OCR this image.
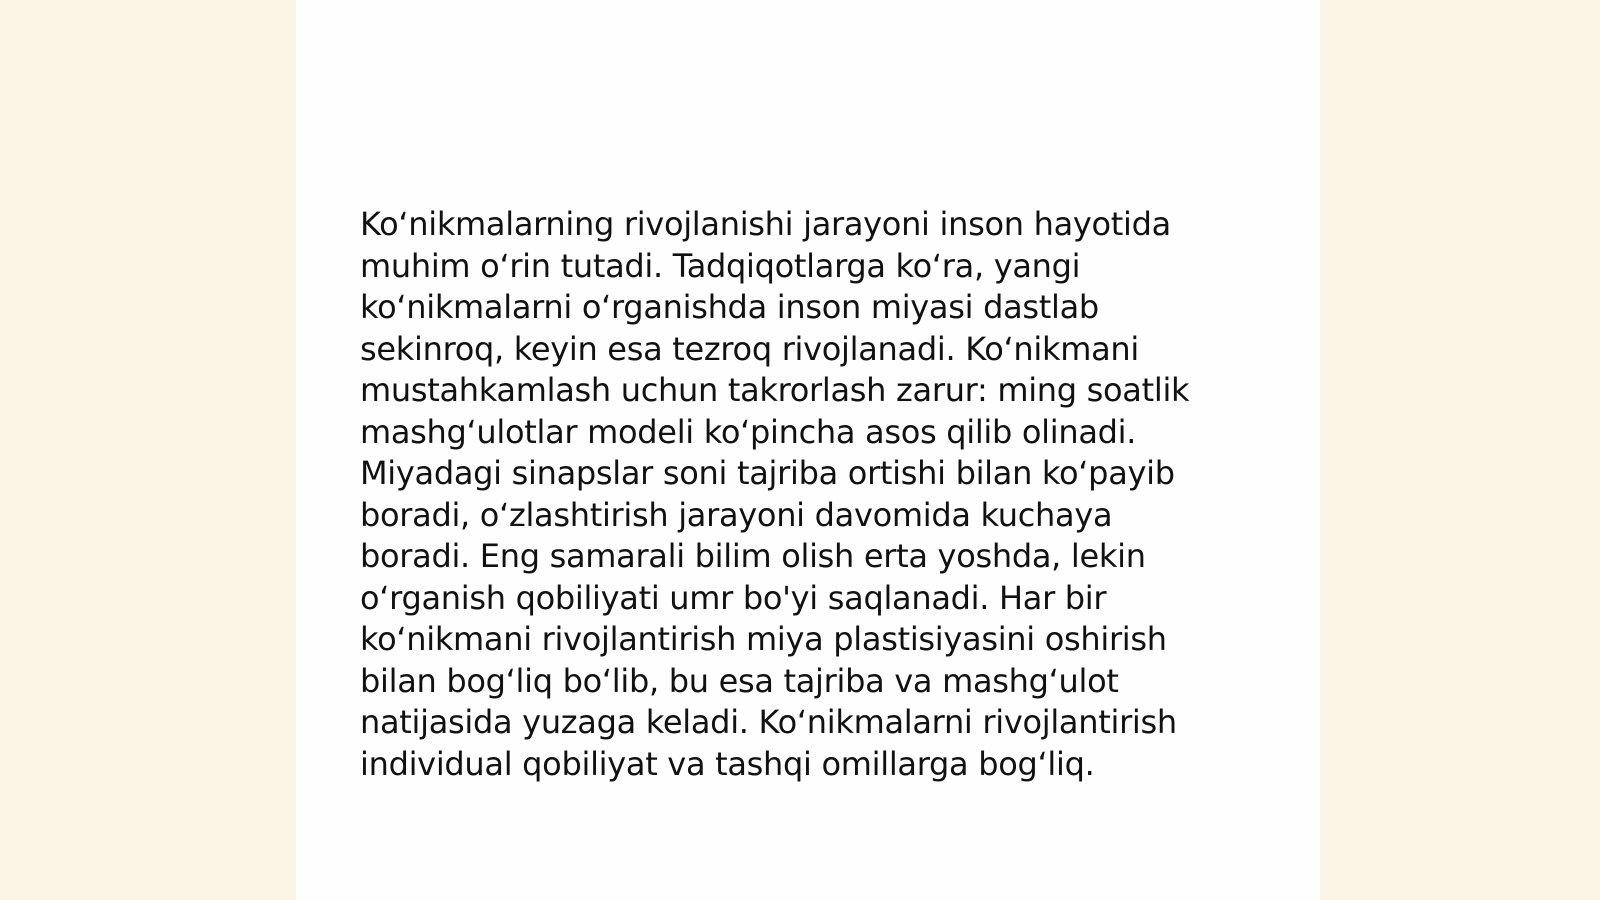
Koʻnikmalarning rivojlanishi jarayoni inson hayotida
muhim oʻrin tutadi. Tadqiqotlarga koʻra, yangi
koʻnikmalarni oʻrganishda inson miyasi dastlab
sekinroq, keyin esa tezroq rivojlanadi. Koʻnikmani
mustahkamlash uchun takrorlash zarur: ming soatlik
mashgʻulotlar modeli koʻpincha asos qilib olinadi.
Miyadagi sinapslar soni tajriba ortishi bilan koʻpayib
boradi, oʻzlashtirish jarayoni davomida kuchaya
boradi. Eng samarali bilim olish erta yoshda, lekin
oʻrganish qobiliyati umr bo'yi saqlanadi. Har bir
koʻnikmani rivojlantirish miya plastisiyasini oshirish
bilan bogʻliq boʻlib, bu esa tajriba va mashgʻulot
natijasida yuzaga keladi. Koʻnikmalarni rivojlantirish
individual qobiliyat va tashqi omillarga bogʻliq.
